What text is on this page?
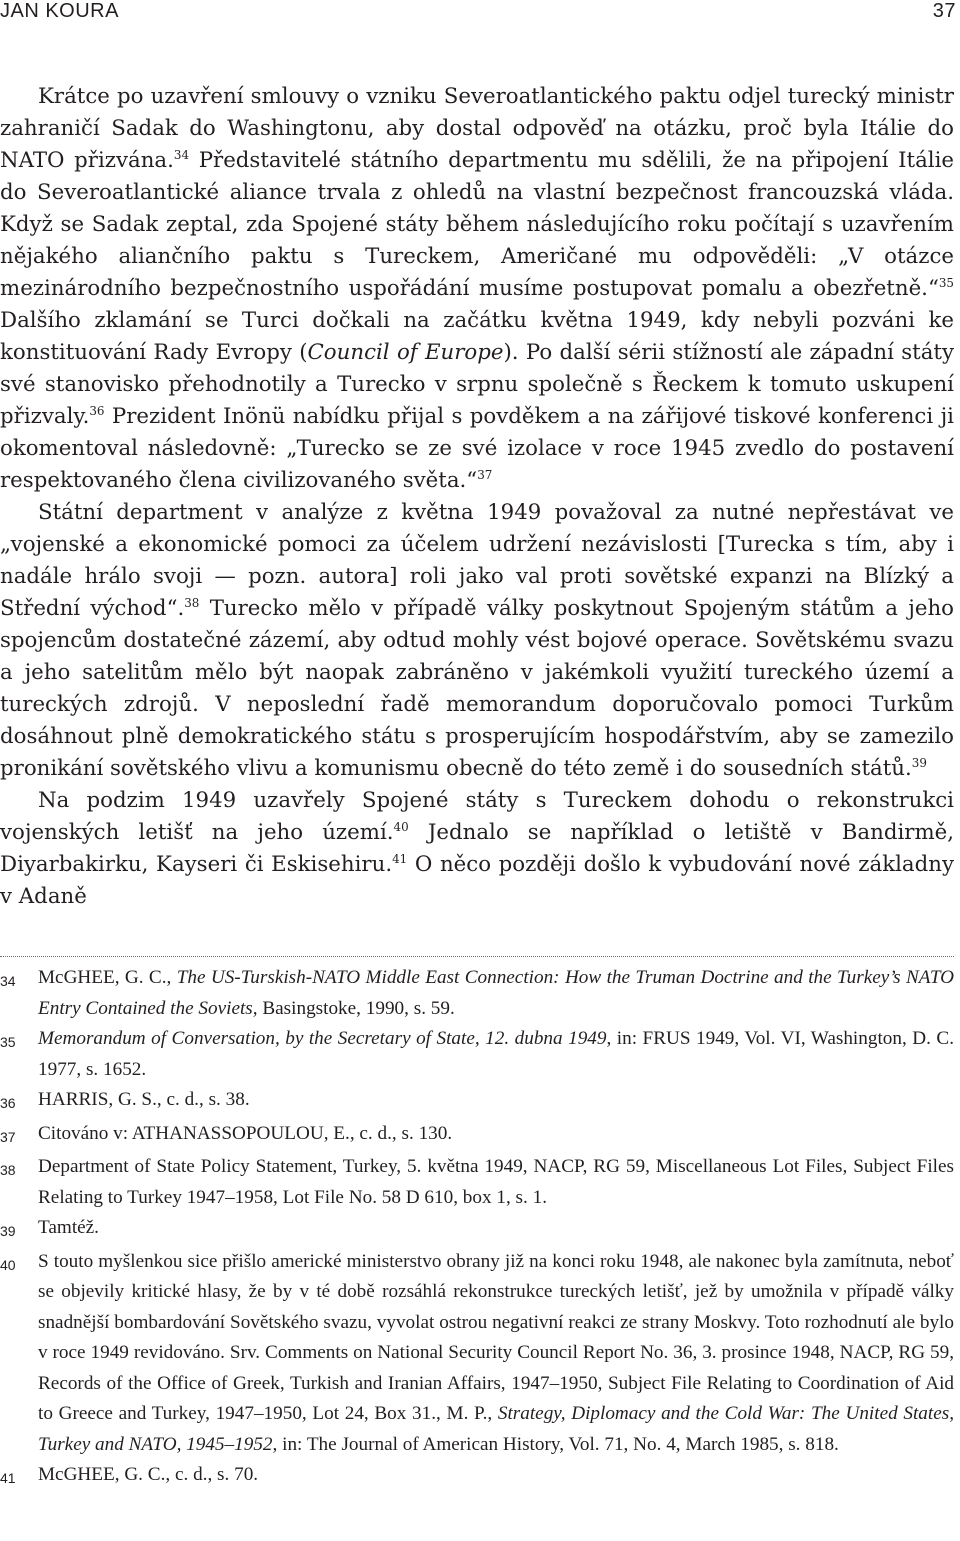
JAN KOURA	37

Krátce po uzavření smlouvy o vzniku Severoatlantického paktu odjel turecký ministr zahraničí Sadak do Washingtonu, aby dostal odpověď na otázku, proč byla Itálie do NATO přizvána.$^{34}$ Představitelé státního departmentu mu sdělili, že na připojení Itálie do Severoatlantické aliance trvala z ohledů na vlastní bezpečnost francouzská vláda. Když se Sadak zeptal, zda Spojené státy během následujícího roku počítají s uzavřením nějakého aliančního paktu s Tureckem, Američané mu odpověděli: „V otázce mezinárodního bezpečnostního uspořádání musíme postupovat pomalu a obezřetně.“$^{35}$ Dalšího zklamání se Turci dočkali na začátku května 1949, kdy nebyli pozváni ke konstituování Rady Evropy (Council of Europe). Po další sérii stížností ale západní státy své stanovisko přehodnotily a Turecko v srpnu společně s Řeckem k tomuto uskupení přizvaly.$^{36}$ Prezident Inönü nabídku přijal s povděkem a na zářijové tiskové konferenci ji okomentoval následovně: „Turecko se ze své izolace v roce 1945 zvedlo do postavení respektovaného člena civilizovaného světa.“$^{37}$

Státní department v analýze z května 1949 považoval za nutné nepřestávat ve „vojenské a ekonomické pomoci za účelem udržení nezávislosti [Turecka s tím, aby i nadále hrálo svoji — pozn. autora] roli jako val proti sovětské expanzi na Blízký a Střední východ“.$^{38}$ Turecko mělo v případě války poskytnout Spojeným státům a jeho spojencům dostatečné zázemí, aby odtud mohly vést bojové operace. Sovětskému svazu a jeho satelitům mělo být naopak zabráněno v jakémkoli využití tureckého území a tureckých zdrojů. V neposlední řadě memorandum doporučovalo pomoci Turkům dosáhnout plně demokratického státu s prosperujícím hospodářstvím, aby se zamezilo pronikání sovětského vlivu a komunismu obecně do této země i do sousedních států.$^{39}$

Na podzim 1949 uzavřely Spojené státy s Tureckem dohodu o rekonstrukci vojenských letišť na jeho území.$^{40}$ Jednalo se například o letiště v Bandirmě, Diyarbakirku, Kayseri či Eskisehiru.$^{41}$ O něco později došlo k vybudování nové základny v Adaně

34	McGHEE, G. C., The US-Turskish-NATO Middle East Connection: How the Truman Doctrine and the Turkey’s NATO Entry Contained the Soviets, Basingstoke, 1990, s. 59.
35	Memorandum of Conversation, by the Secretary of State, 12. dubna 1949, in: FRUS 1949, Vol. VI, Washington, D. C. 1977, s. 1652.
36	HARRIS, G. S., c. d., s. 38.
37	Citováno v: ATHANASSOPOULOU, E., c. d., s. 130.
38	Department of State Policy Statement, Turkey, 5. května 1949, NACP, RG 59, Miscellaneous Lot Files, Subject Files Relating to Turkey 1947–1958, Lot File No. 58 D 610, box 1, s. 1.
39	Tamtéž.
40	S touto myšlenkou sice přišlo americké ministerstvo obrany již na konci roku 1948, ale nakonec byla zamítnuta, neboť se objevily kritické hlasy, že by v té době rozsáhlá rekonstrukce tureckých letišť, jež by umožnila v případě války snadnější bombardování Sovětského svazu, vyvolat ostrou negativní reakci ze strany Moskvy. Toto rozhodnutí ale bylo v roce 1949 revidováno. Srv. Comments on National Security Council Report No. 36, 3. prosince 1948, NACP, RG 59, Records of the Office of Greek, Turkish and Iranian Affairs, 1947–1950, Subject File Relating to Coordination of Aid to Greece and Turkey, 1947–1950, Lot 24, Box 31., M. P., Strategy, Diplomacy and the Cold War: The United States, Turkey and NATO, 1945–1952, in: The Journal of American History, Vol. 71, No. 4, March 1985, s. 818.
41	McGHEE, G. C., c. d., s. 70.
